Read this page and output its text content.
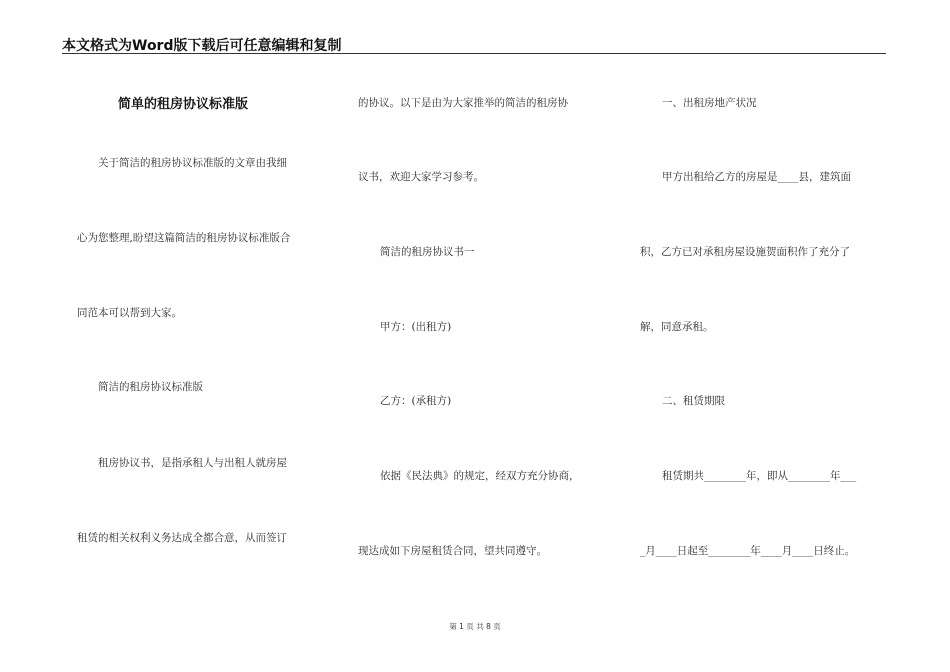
本文格式为Word版下载后可任意编辑和复制
简单的租房协议标准版
关于简洁的租房协议标准版的文章由我细
心为您整理,盼望这篇简洁的租房协议标准版合
同范本可以帮到大家。
简洁的租房协议标准版
租房协议书，是指承租人与出租人就房屋
租赁的相关权利义务达成全都合意，从而签订
的协议。以下是由为大家推举的简洁的租房协
议书，欢迎大家学习参考。
简洁的租房协议书一
甲方：(出租方)
乙方：(承租方)
依据《民法典》的规定，经双方充分协商，
现达成如下房屋租赁合同，望共同遵守。
一、出租房地产状况
甲方出租给乙方的房屋是____县，建筑面
积，乙方已对承租房屋设施贺面积作了充分了
解，同意承租。
二、租赁期限
租赁期共________年，即从________年___
_月____日起至________年____月____日终止。
第 1 页 共 8 页
